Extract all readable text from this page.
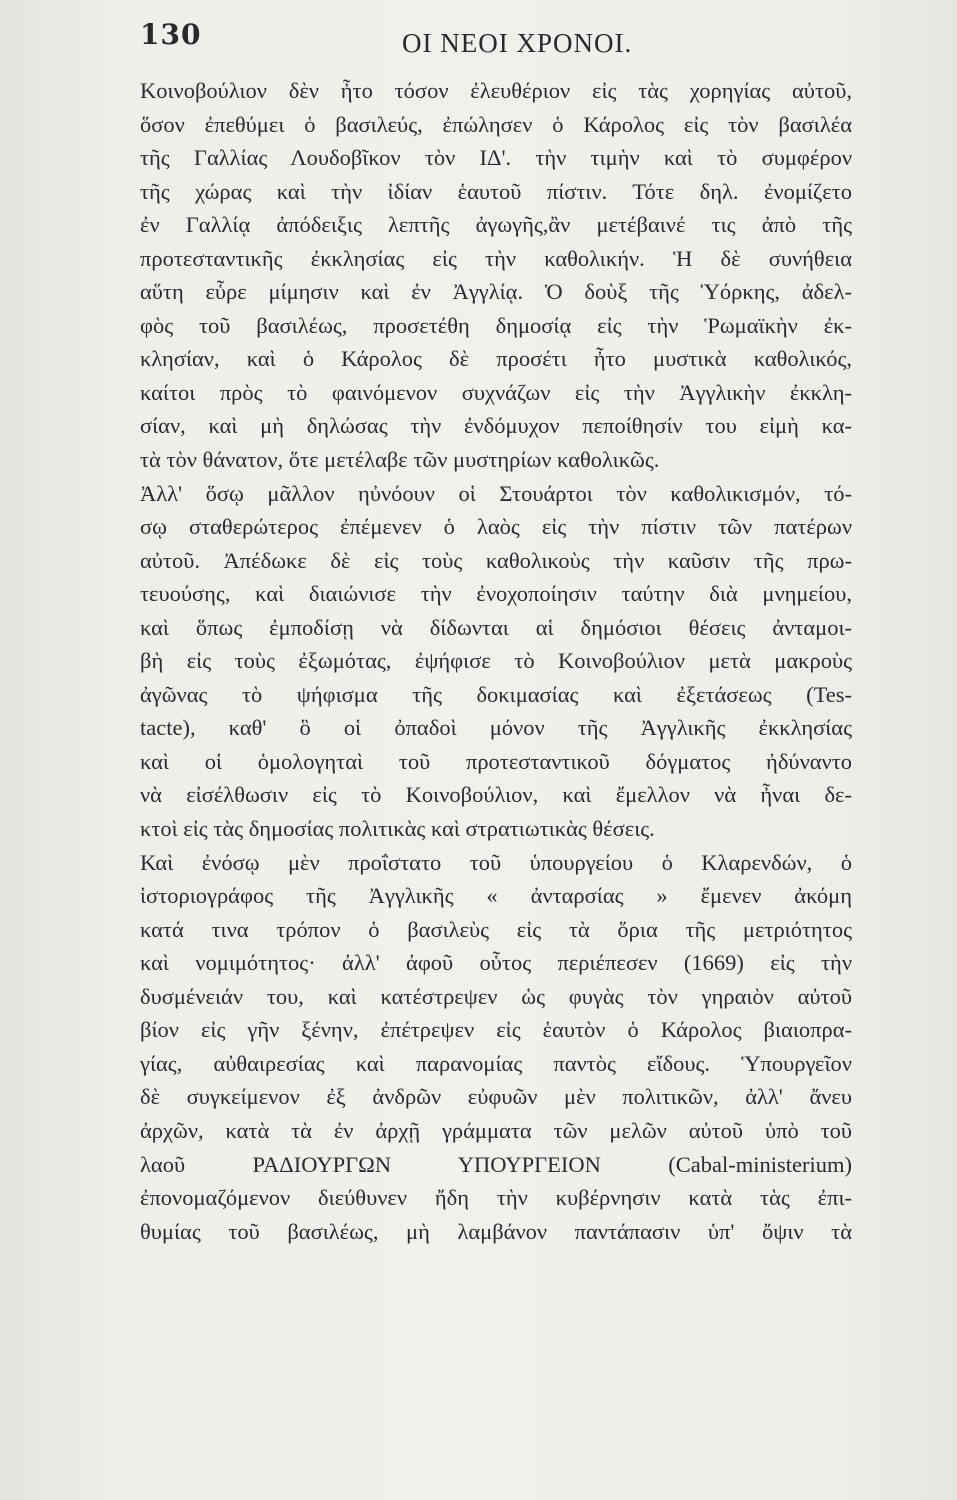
130	ΟΙ ΝΕΟΙ ΧΡΟΝΟΙ.
Κοινοβούλιον δὲν ἦτο τόσον ἐλευθέριον εἰς τὰς χορηγίας αὐτοῦ,
ὅσον ἐπεθύμει ὁ βασιλεύς, ἐπώλησεν ὁ Κάρολος εἰς τὸν βασιλέα
τῆς Γαλλίας Λουδοβῖκον τὸν ΙΔ'. τὴν τιμὴν καὶ τὸ συμφέρον
τῆς χώρας καὶ τὴν ἰδίαν ἑαυτοῦ πίστιν. Τότε δηλ. ἐνομίζετο
ἐν Γαλλίᾳ ἀπόδειξις λεπτῆς ἀγωγῆς,ἂν μετέβαινέ τις ἀπὸ τῆς
προτεσταντικῆς ἐκκλησίας εἰς τὴν καθολικήν. Ἡ δὲ συνήθεια
αὕτη εὗρε μίμησιν καὶ ἐν Ἀγγλίᾳ. Ὁ δοὺξ τῆς Ὑόρκης, ἀδελ-
φὸς τοῦ βασιλέως, προσετέθη δημοσίᾳ εἰς τὴν Ῥωμαϊκὴν ἐκ-
κλησίαν, καὶ ὁ Κάρολος δὲ προσέτι ἦτο μυστικὰ καθολικός,
καίτοι πρὸς τὸ φαινόμενον συχνάζων εἰς τὴν Ἀγγλικὴν ἐκκλη-
σίαν, καὶ μὴ δηλώσας τὴν ἐνδόμυχον πεποίθησίν του εἰμὴ κα-
τὰ τὸν θάνατον, ὅτε μετέλαβε τῶν μυστηρίων καθολικῶς.
Ἀλλ' ὅσῳ μᾶλλον ηὐνόουν οἱ Στουάρτοι τὸν καθολικισμόν, τό-
σῳ σταθερώτερος ἐπέμενεν ὁ λαὸς εἰς τὴν πίστιν τῶν πατέρων
αὐτοῦ. Ἀπέδωκε δὲ εἰς τοὺς καθολικοὺς τὴν καῦσιν τῆς πρω-
τευούσης, καὶ διαιώνισε τὴν ἐνοχοποίησιν ταύτην διὰ μνημείου,
καὶ ὅπως ἐμποδίσῃ νὰ δίδωνται αἱ δημόσιοι θέσεις ἀνταμοι-
βὴ εἰς τοὺς ἐξωμότας, ἐψήφισε τὸ Κοινοβούλιον μετὰ μακροὺς
ἀγῶνας τὸ ψήφισμα τῆς δοκιμασίας καὶ ἐξετάσεως (Tes-
tacte), καθ' ὃ οἱ ὀπαδοὶ μόνον τῆς Ἀγγλικῆς ἐκκλησίας
καὶ οἱ ὁμολογηταὶ τοῦ προτεσταντικοῦ δόγματος ἠδύναντο
νὰ εἰσέλθωσιν εἰς τὸ Κοινοβούλιον, καὶ ἔμελλον νὰ ἦναι δε-
κτοὶ εἰς τὰς δημοσίας πολιτικὰς καὶ στρατιωτικὰς θέσεις.
Καὶ ἐνόσῳ μὲν προΐστατο τοῦ ὑπουργείου ὁ Κλαρενδών, ὁ
ἱστοριογράφος τῆς Ἀγγλικῆς « ἀνταρσίας » ἔμενεν ἀκόμη
κατά τινα τρόπον ὁ βασιλεὺς εἰς τὰ ὅρια τῆς μετριότητος
καὶ νομιμότητος· ἀλλ' ἀφοῦ οὗτος περιέπεσεν (1669) εἰς τὴν
δυσμένειάν του, καὶ κατέστρεψεν ὡς φυγὰς τὸν γηραιὸν αὐτοῦ
βίον εἰς γῆν ξένην, ἐπέτρεψεν εἰς ἑαυτὸν ὁ Κάρολος βιαιοπρα-
γίας, αὐθαιρεσίας καὶ παρανομίας παντὸς εἴδους. Ὑπουργεῖον
δὲ συγκείμενον ἐξ ἀνδρῶν εὐφυῶν μὲν πολιτικῶν, ἀλλ' ἄνευ
ἀρχῶν, κατὰ τὰ ἐν ἀρχῇ γράμματα τῶν μελῶν αὐτοῦ ὑπὸ τοῦ
λαοῦ ΡΑΔΙΟΥΡΓΩΝ ΥΠΟΥΡΓΕΙΟΝ (Cabal-ministerium)
ἐπονομαζόμενον διεύθυνεν ἤδη τὴν κυβέρνησιν κατὰ τὰς ἐπι-
θυμίας τοῦ βασιλέως, μὴ λαμβάνον παντάπασιν ὑπ' ὄψιν τὰ
